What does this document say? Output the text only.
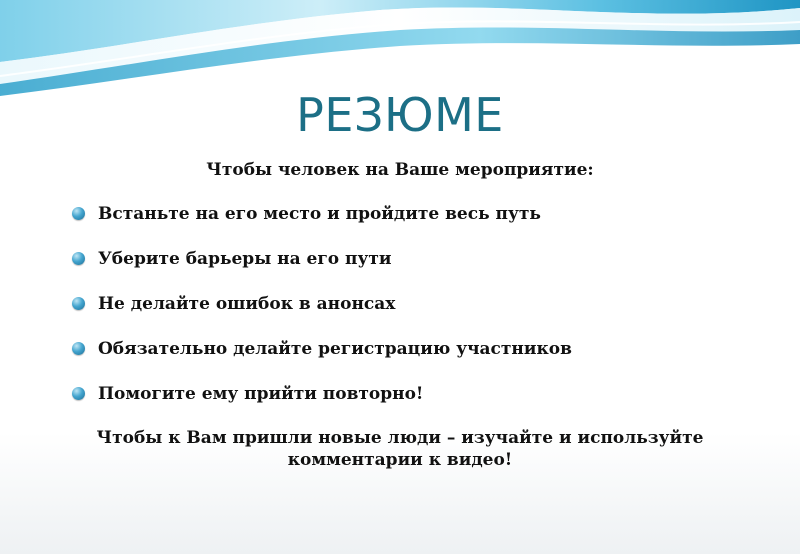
РЕЗЮМЕ
Чтобы человек на Ваше мероприятие:
Встаньте на его место и пройдите весь путь
Уберите барьеры на его пути
Не делайте ошибок в анонсах
Обязательно делайте регистрацию участников
Помогите ему прийти повторно!
Чтобы к Вам пришли новые люди – изучайте и используйте комментарии к видео!
